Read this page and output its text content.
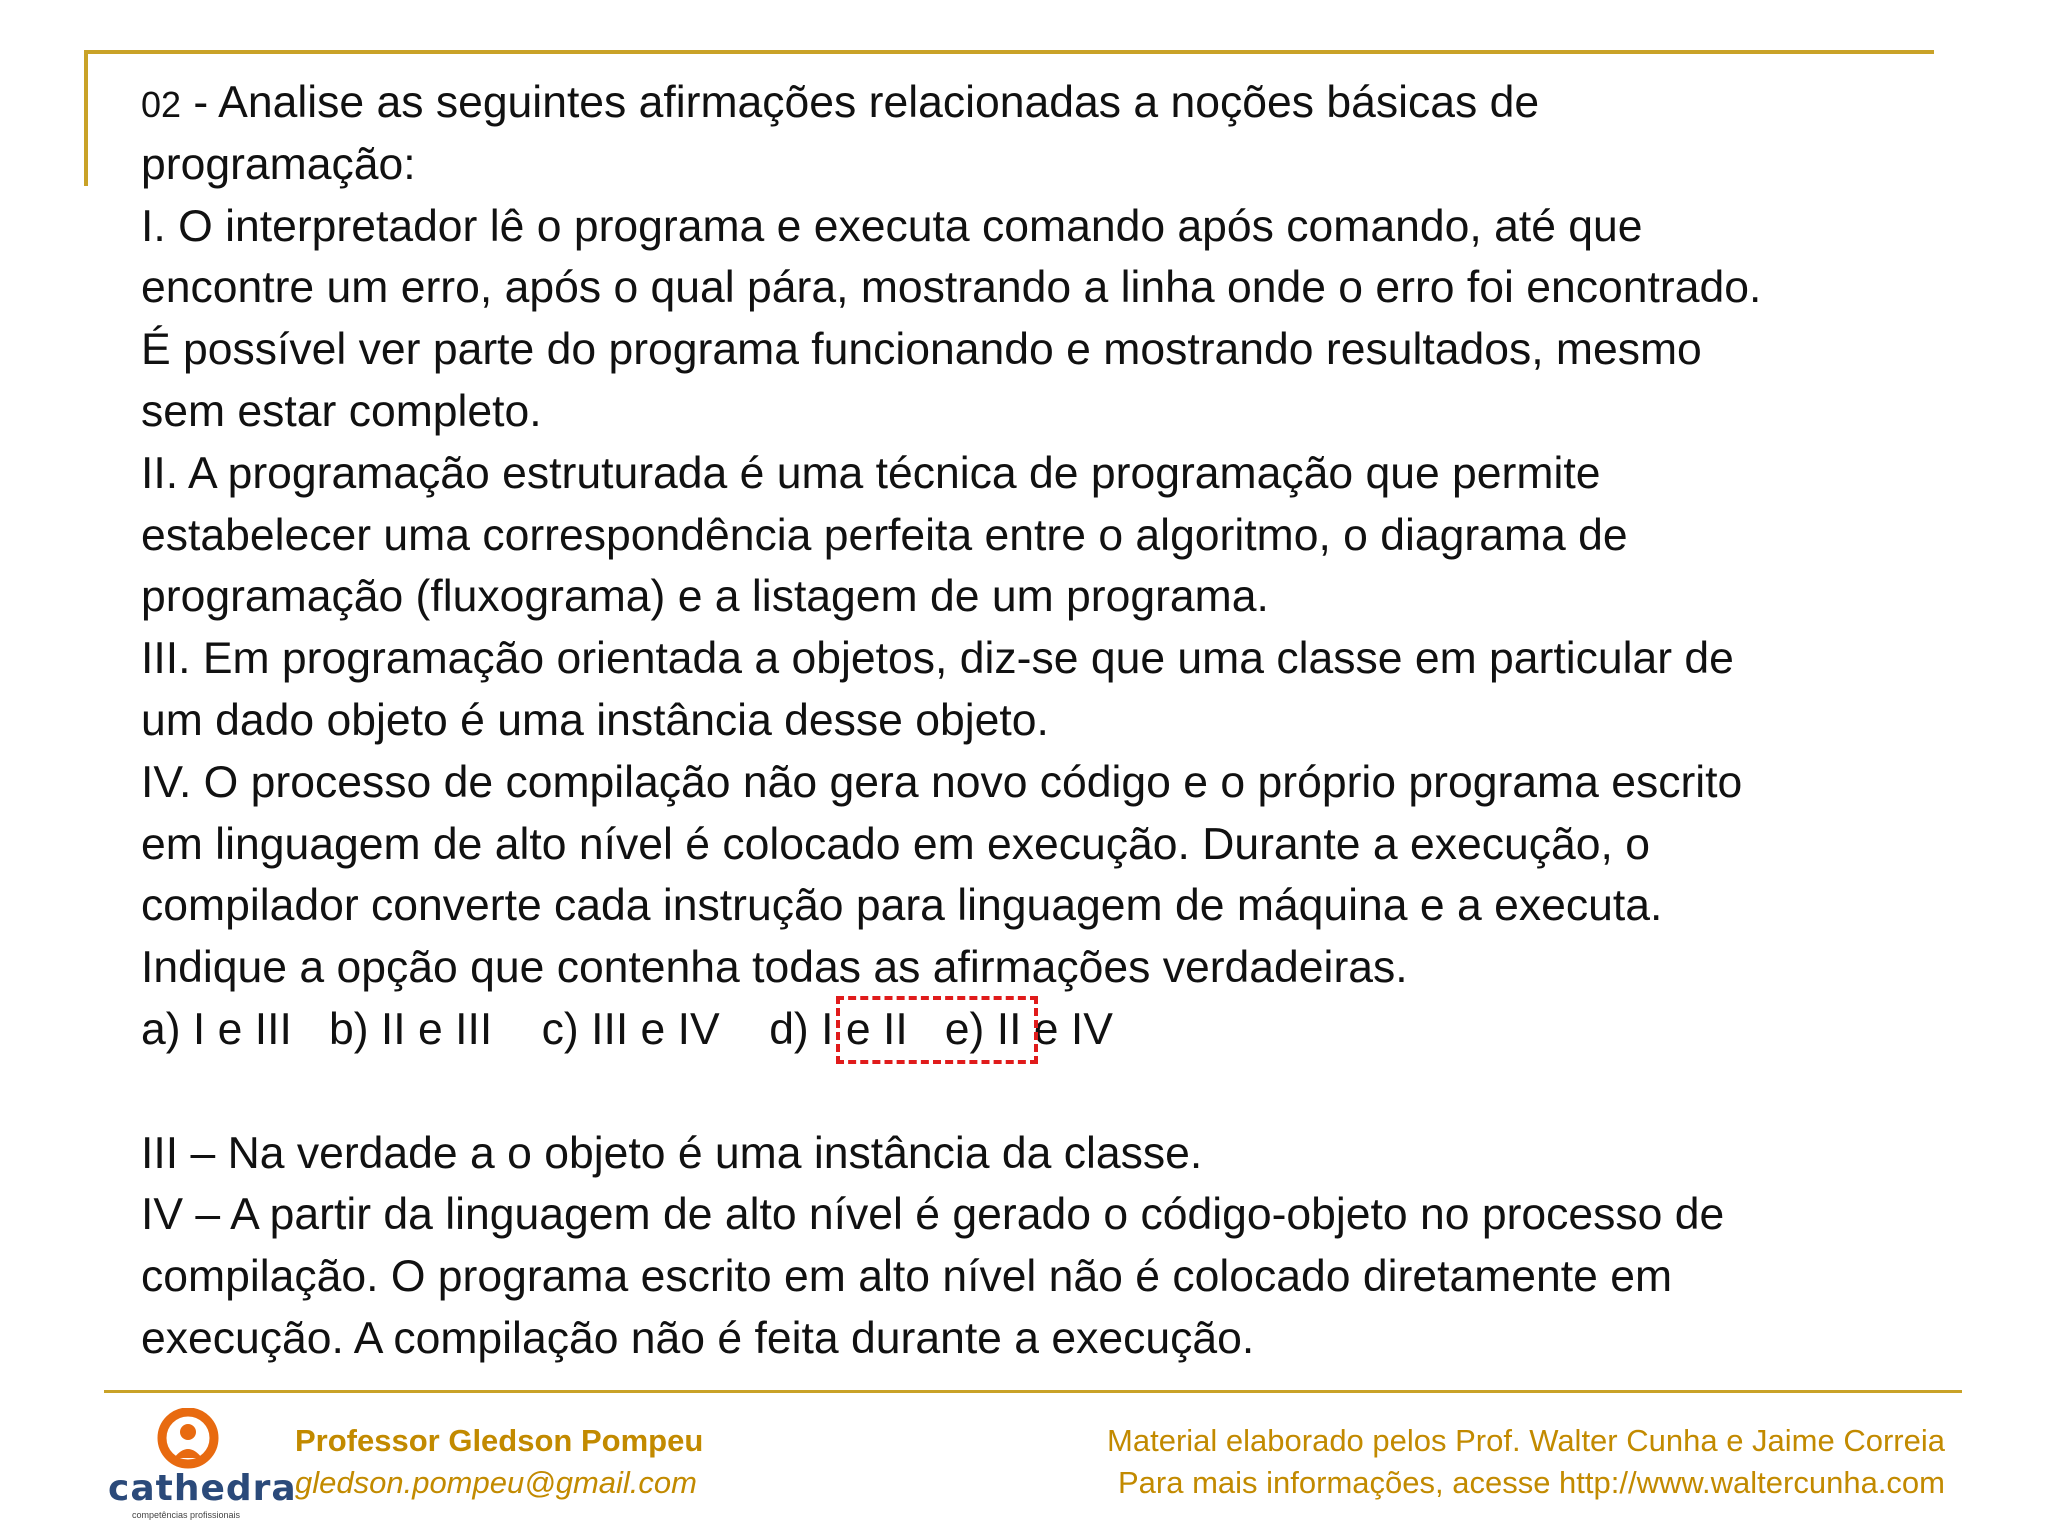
02 - Analise as seguintes afirmações relacionadas a noções básicas de
programação:
I. O interpretador lê o programa e executa comando após comando, até que
encontre um erro, após o qual pára, mostrando a linha onde o erro foi encontrado.
É possível ver parte do programa funcionando e mostrando resultados, mesmo
sem estar completo.
II. A programação estruturada é uma técnica de programação que permite
estabelecer uma correspondência perfeita entre o algoritmo, o diagrama de
programação (fluxograma) e a listagem de um programa.
III. Em programação orientada a objetos, diz-se que uma classe em particular de
um dado objeto é uma instância desse objeto.
IV. O processo de compilação não gera novo código e o próprio programa escrito
em linguagem de alto nível é colocado em execução. Durante a execução, o
compilador converte cada instrução para linguagem de máquina e a executa.
Indique a opção que contenha todas as afirmações verdadeiras.
a) I e III b) II e III c) III e IV d) I e II e) II e IV
III – Na verdade a o objeto é uma instância da classe.
IV – A partir da linguagem de alto nível é gerado o código-objeto no processo de
compilação. O programa escrito em alto nível não é colocado diretamente em
execução. A compilação não é feita durante a execução.
cathedra
competências profissionais
Professor Gledson Pompeu
gledson.pompeu@gmail.com
Material elaborado pelos Prof. Walter Cunha e Jaime Correia
Para mais informações, acesse http://www.waltercunha.com
